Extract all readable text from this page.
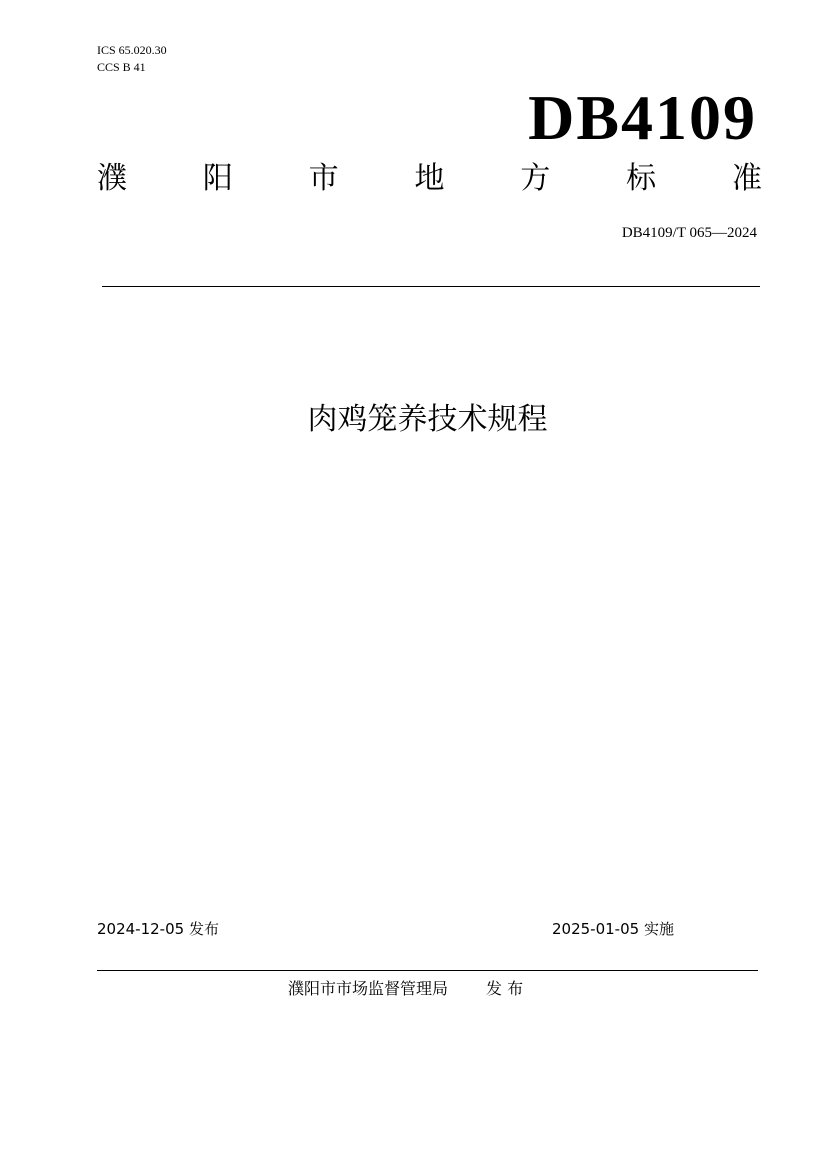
ICS 65.020.30
CCS B 41
DB4109
濮	阳	市	地	方	标	准
DB4109/T 065—2024
肉鸡笼养技术规程
2024-12-05 发布	2025-01-05 实施
濮阳市市场监督管理局 发 布
